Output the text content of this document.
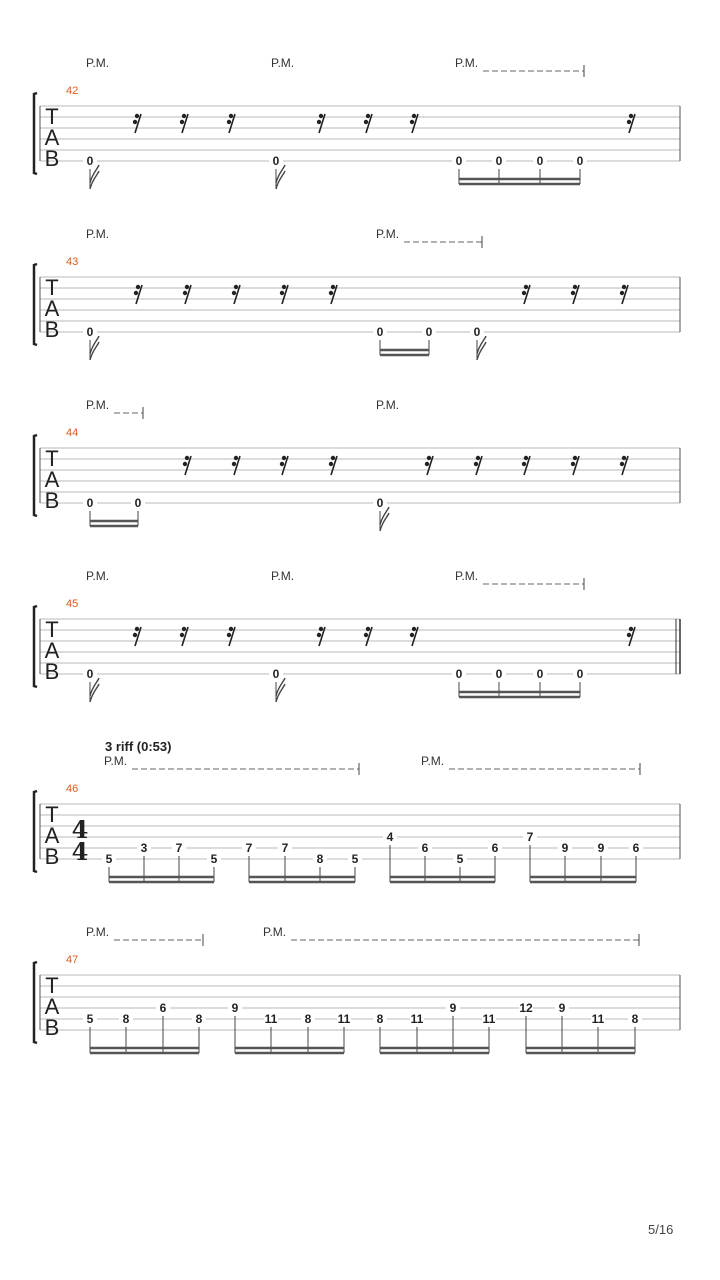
T
A
B
42
P.M.	P.M.	P.M.
0	0	0	0	0	0
T
A
B
43
P.M.	P.M.
0	0	0	0
T
A
B
44
P.M.	P.M.
0	0	0
T
A
B
45
P.M.	P.M.	P.M.
0	0	0	0	0	0
T
A
B
46
3 riff (0:53)
4
4
P.M.	P.M.
5
3 7
5
7 7
8 5
4
6
5
6
7
9 9 6
T
A
B
47
P.M.	P.M.
5 8
6
8
9
11 8 11 8 11
9
11
12 9
11 8
5/16
